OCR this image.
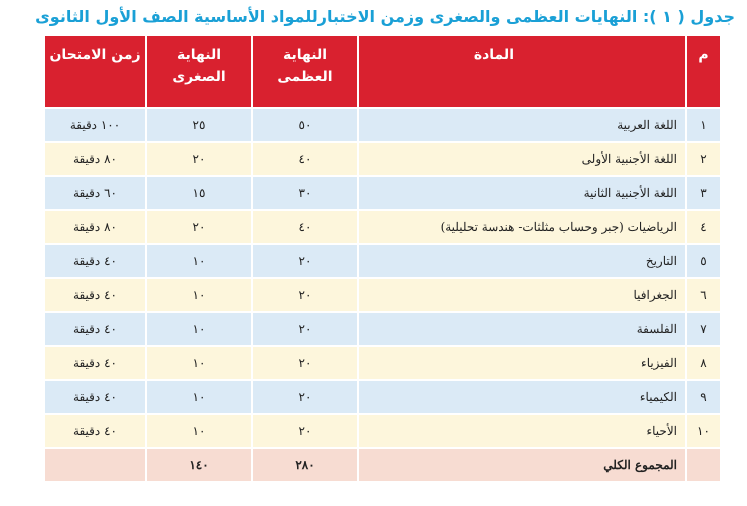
جدول ( ١ ): النهايات العظمى والصغرى وزمن الاختبارللمواد الأساسية الصف الأول الثانوى
م	المادة	النهاية العظمى	النهاية الصغرى	زمن الامتحان
١	اللغة العربية	٥٠	٢٥	١٠٠ دقيقة
٢	اللغة الأجنبية الأولى	٤٠	٢٠	٨٠ دقيقة
٣	اللغة الأجنبية الثانية	٣٠	١٥	٦٠ دقيقة
٤	الرياضيات (جبر وحساب مثلثات- هندسة تحليلية)	٤٠	٢٠	٨٠ دقيقة
٥	التاريخ	٢٠	١٠	٤٠ دقيقة
٦	الجغرافيا	٢٠	١٠	٤٠ دقيقة
٧	الفلسفة	٢٠	١٠	٤٠ دقيقة
٨	الفيزياء	٢٠	١٠	٤٠ دقيقة
٩	الكيمياء	٢٠	١٠	٤٠ دقيقة
١٠	الأحياء	٢٠	١٠	٤٠ دقيقة
	المجموع الكلي	٢٨٠	١٤٠	
